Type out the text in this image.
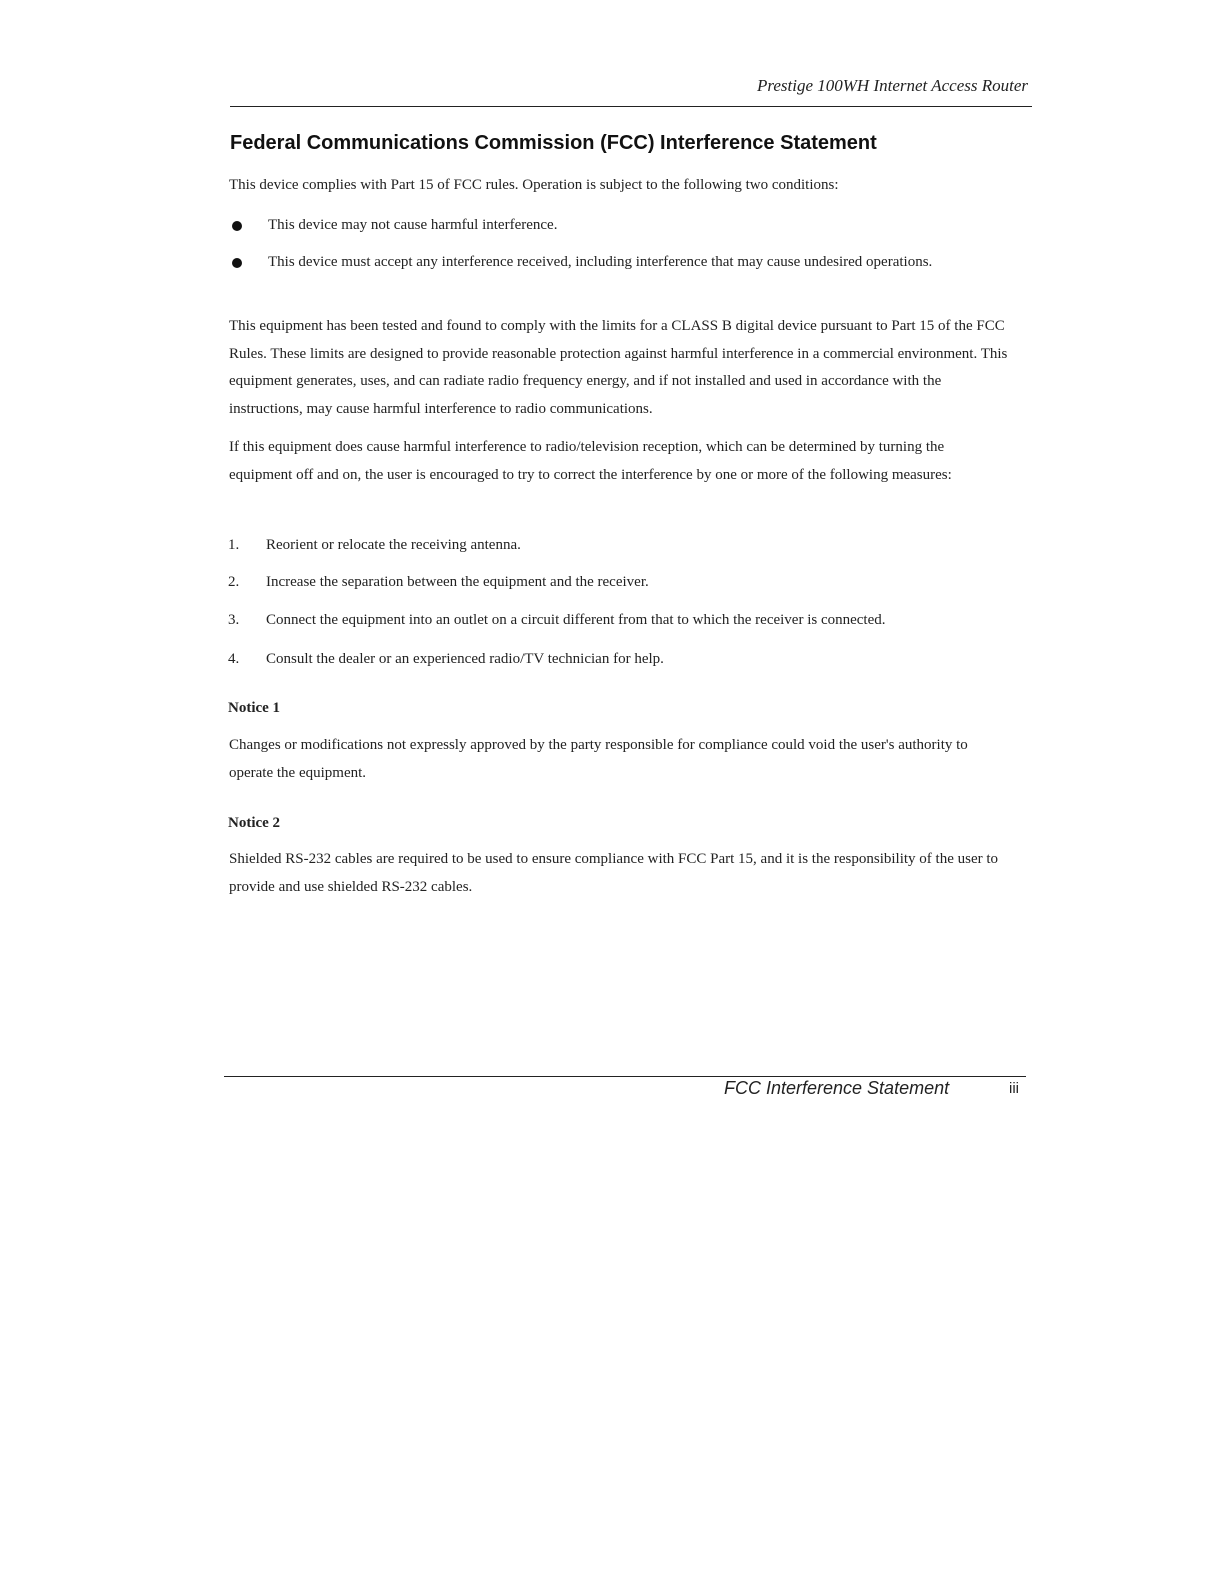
Prestige 100WH Internet Access Router
Federal Communications Commission (FCC) Interference Statement
This device complies with Part 15 of FCC rules. Operation is subject to the following two conditions:
This device may not cause harmful interference.
This device must accept any interference received, including interference that may cause undesired operations.
This equipment has been tested and found to comply with the limits for a CLASS B digital device pursuant to Part 15 of the FCC Rules. These limits are designed to provide reasonable protection against harmful interference in a commercial environment. This equipment generates, uses, and can radiate radio frequency energy, and if not installed and used in accordance with the instructions, may cause harmful interference to radio communications.
If this equipment does cause harmful interference to radio/television reception, which can be determined by turning the equipment off and on, the user is encouraged to try to correct the interference by one or more of the following measures:
1. Reorient or relocate the receiving antenna.
2. Increase the separation between the equipment and the receiver.
3. Connect the equipment into an outlet on a circuit different from that to which the receiver is connected.
4. Consult the dealer or an experienced radio/TV technician for help.
Notice 1
Changes or modifications not expressly approved by the party responsible for compliance could void the user's authority to operate the equipment.
Notice 2
Shielded RS-232 cables are required to be used to ensure compliance with FCC Part 15, and it is the responsibility of the user to provide and use shielded RS-232 cables.
FCC Interference Statement	iii
